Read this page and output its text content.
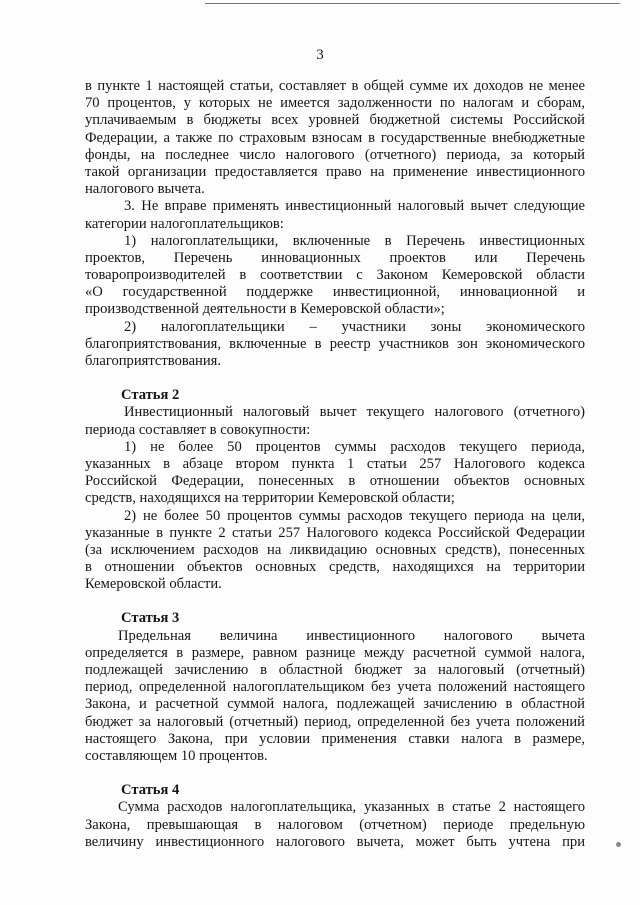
3
в пункте 1 настоящей статьи, составляет в общей сумме их доходов не менее
70 процентов, у которых не имеется задолженности по налогам и сборам,
уплачиваемым в бюджеты всех уровней бюджетной системы Российской
Федерации, а также по страховым взносам в государственные внебюджетные
фонды, на последнее число налогового (отчетного) периода, за который
такой организации предоставляется право на применение инвестиционного
налогового вычета.
3. Не вправе применять инвестиционный налоговый вычет следующие
категории налогоплательщиков:
1) налогоплательщики, включенные в Перечень инвестиционных
проектов, Перечень инновационных проектов или Перечень
товаропроизводителей в соответствии с Законом Кемеровской области
«О государственной поддержке инвестиционной, инновационной и
производственной деятельности в Кемеровской области»;
2) налогоплательщики – участники зоны экономического
благоприятствования, включенные в реестр участников зон экономического
благоприятствования.
Статья 2
Инвестиционный налоговый вычет текущего налогового (отчетного)
периода составляет в совокупности:
1) не более 50 процентов суммы расходов текущего периода,
указанных в абзаце втором пункта 1 статьи 257 Налогового кодекса
Российской Федерации, понесенных в отношении объектов основных
средств, находящихся на территории Кемеровской области;
2) не более 50 процентов суммы расходов текущего периода на цели,
указанные в пункте 2 статьи 257 Налогового кодекса Российской Федерации
(за исключением расходов на ликвидацию основных средств), понесенных
в отношении объектов основных средств, находящихся на территории
Кемеровской области.
Статья 3
Предельная величина инвестиционного налогового вычета
определяется в размере, равном разнице между расчетной суммой налога,
подлежащей зачислению в областной бюджет за налоговый (отчетный)
период, определенной налогоплательщиком без учета положений настоящего
Закона, и расчетной суммой налога, подлежащей зачислению в областной
бюджет за налоговый (отчетный) период, определенной без учета положений
настоящего Закона, при условии применения ставки налога в размере,
составляющем 10 процентов.
Статья 4
Сумма расходов налогоплательщика, указанных в статье 2 настоящего
Закона, превышающая в налоговом (отчетном) периоде предельную
величину инвестиционного налогового вычета, может быть учтена при
